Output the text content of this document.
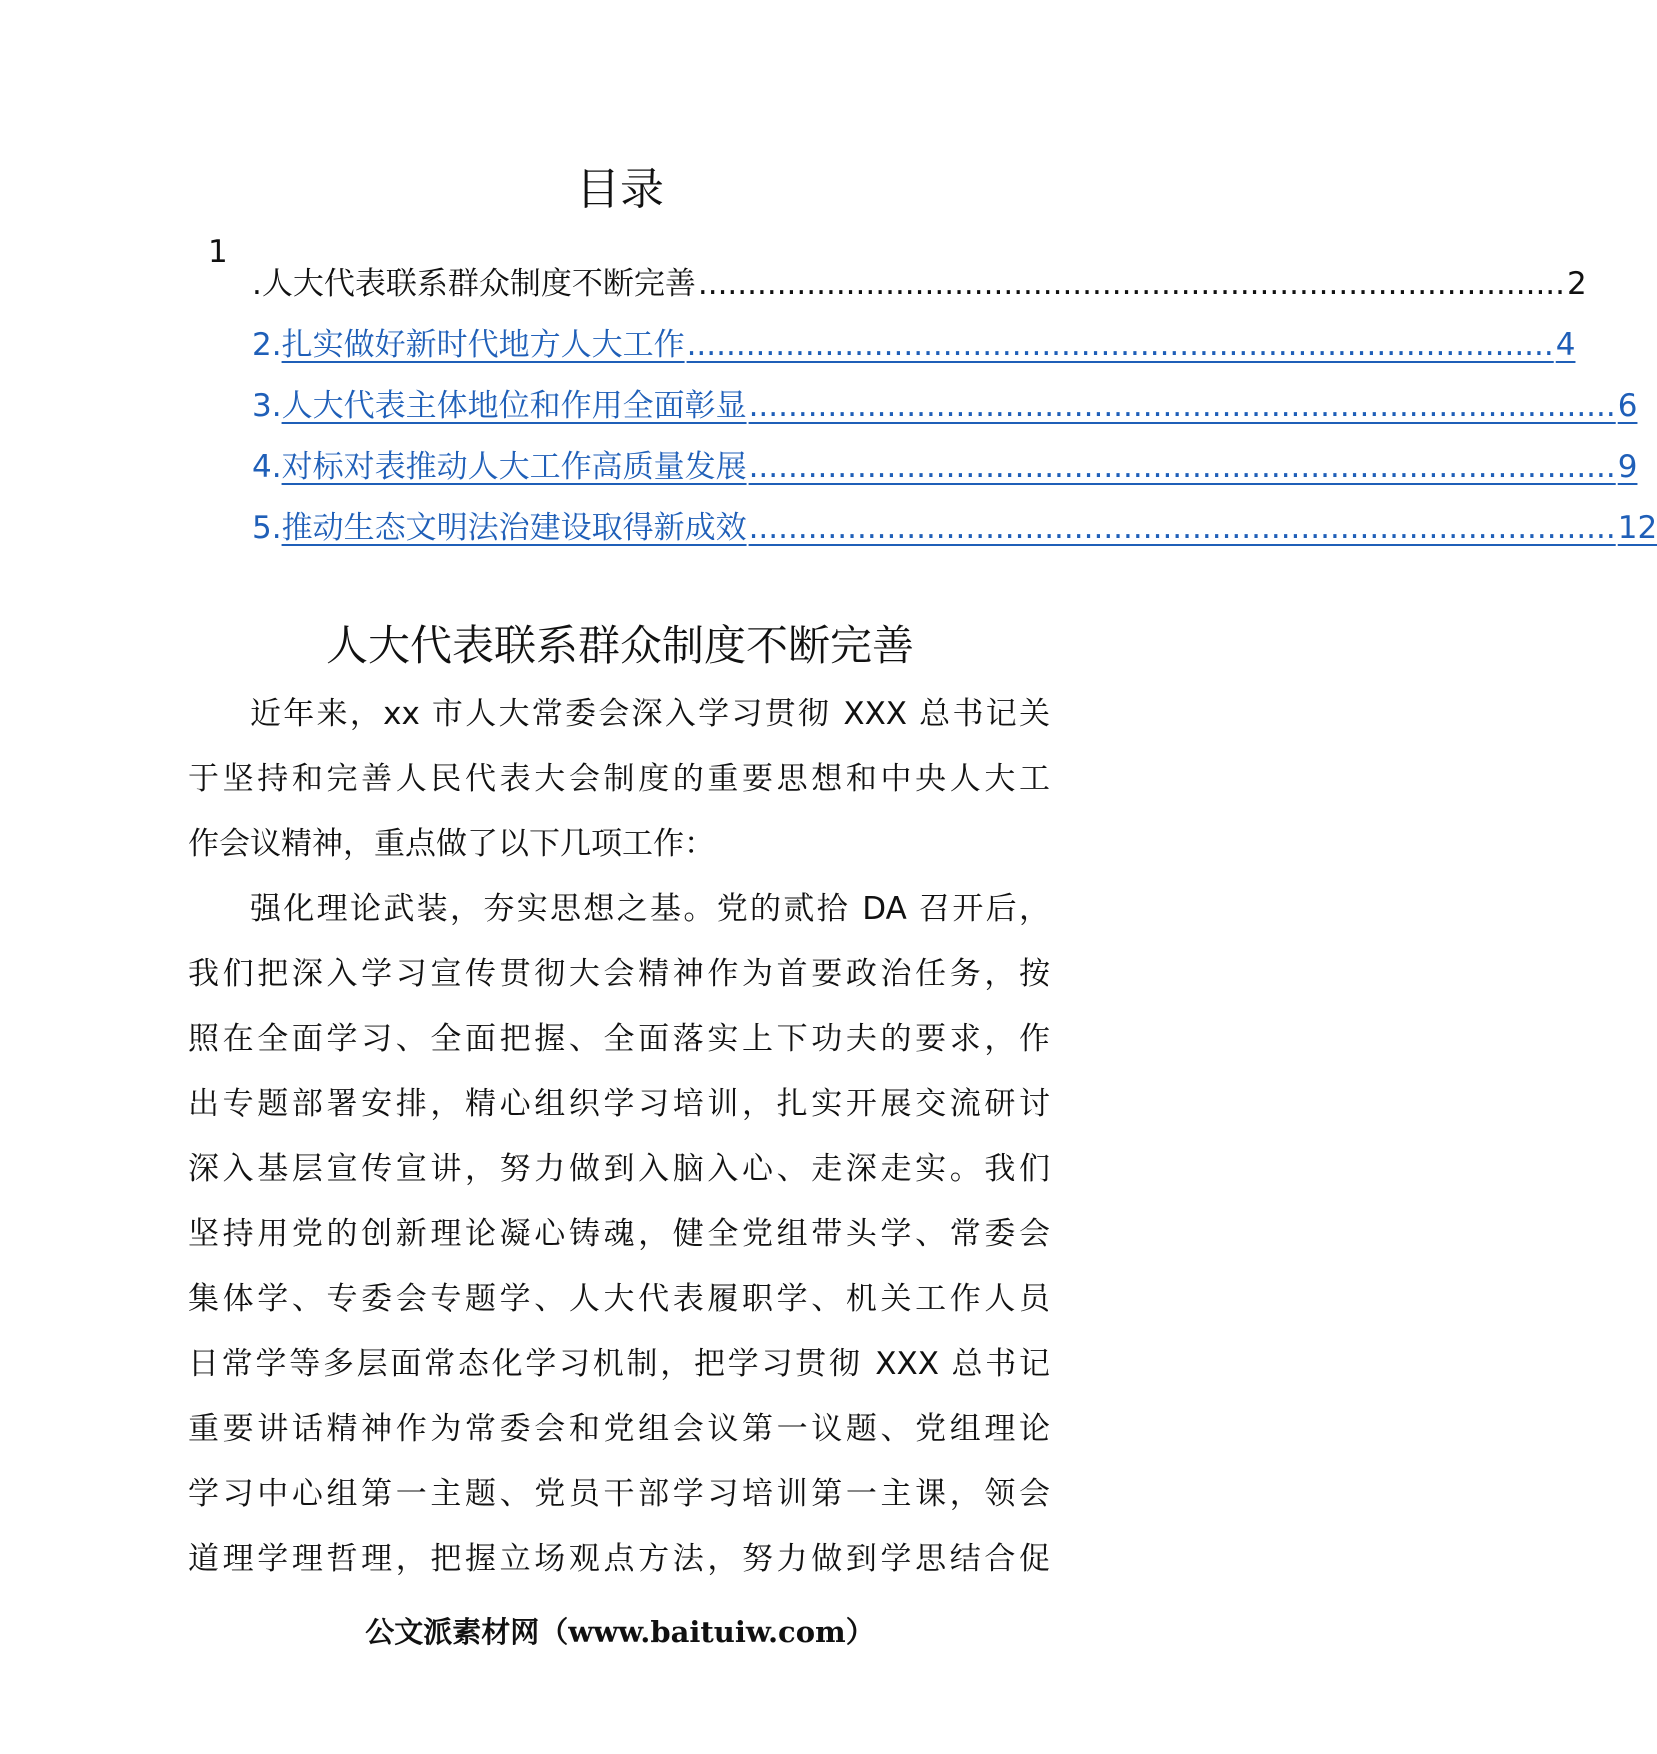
目录
1
. 人大代表联系群众制度不断完善 ........................................................................................ 2
2. 扎实做好新时代地方人大工作 ........................................................................................ 4
3. 人大代表主体地位和作用全面彰显 ........................................................................................ 6
4. 对标对表推动人大工作高质量发展 ........................................................................................ 9
5. 推动生态文明法治建设取得新成效 ........................................................................................ 12
人大代表联系群众制度不断完善
近年来，xx 市人大常委会深入学习贯彻 XXX 总书记关
于坚持和完善人民代表大会制度的重要思想和中央人大工
作会议精神，重点做了以下几项工作：
强化理论武装，夯实思想之基。党的贰拾 DA 召开后，
我们把深入学习宣传贯彻大会精神作为首要政治任务，按
照在全面学习、全面把握、全面落实上下功夫的要求，作
出专题部署安排，精心组织学习培训，扎实开展交流研讨
深入基层宣传宣讲，努力做到入脑入心、走深走实。我们
坚持用党的创新理论凝心铸魂，健全党组带头学、常委会
集体学、专委会专题学、人大代表履职学、机关工作人员
日常学等多层面常态化学习机制，把学习贯彻 XXX 总书记
重要讲话精神作为常委会和党组会议第一议题、党组理论
学习中心组第一主题、党员干部学习培训第一主课，领会
道理学理哲理，把握立场观点方法，努力做到学思结合促
公文派素材网（www.baituiw.com）
